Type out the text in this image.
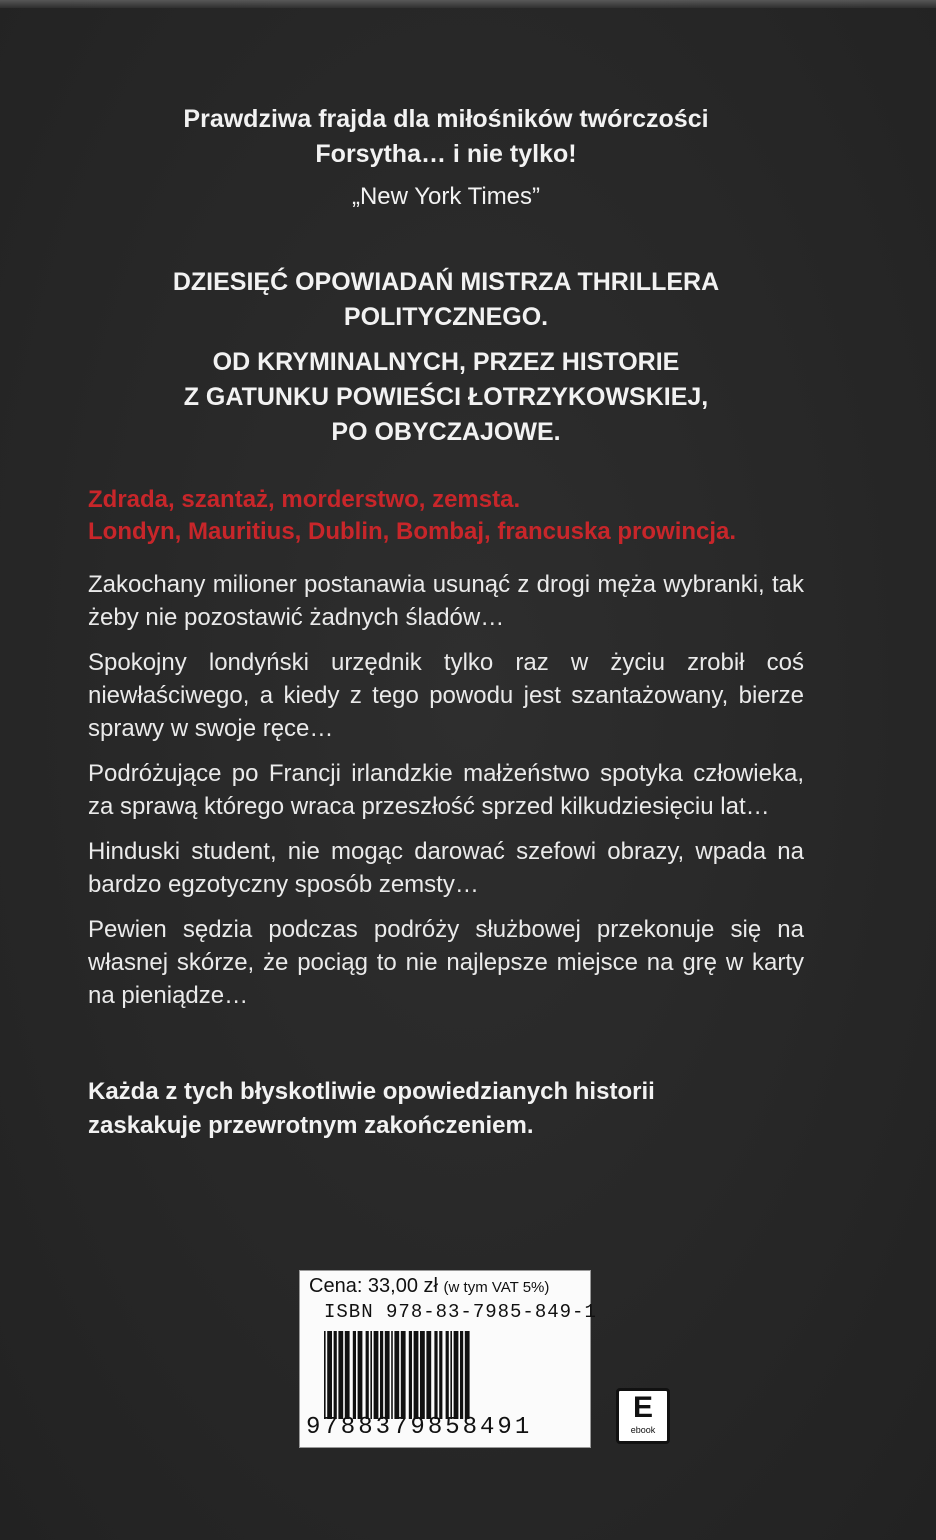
Prawdziwa frajda dla miłośników twórczości

Forsytha… i nie tylko!

„New York Times”

DZIESIĘĆ OPOWIADAŃ MISTRZA THRILLERA
POLITYCZNEGO.

OD KRYMINALNYCH, PRZEZ HISTORIE
Z GATUNKU POWIEŚCI ŁOTRZYKOWSKIEJ,
PO OBYCZAJOWE.

Zdrada, szantaż, morderstwo, zemsta.

Londyn, Mauritius, Dublin, Bombaj, francuska prowincja.

Zakochany milioner postanawia usunąć z drogi męża wybranki, tak żeby nie pozostawić żadnych śladów…

Spokojny londyński urzędnik tylko raz w życiu zrobił coś niewłaściwego, a kiedy z tego powodu jest szantażowany, bierze sprawy w swoje ręce…

Podróżujące po Francji irlandzkie małżeństwo spotyka człowieka, za sprawą którego wraca przeszłość sprzed kilkudziesięciu lat…

Hinduski student, nie mogąc darować szefowi obrazy, wpada na bardzo egzotyczny sposób zemsty…

Pewien sędzia podczas podróży służbowej przekonuje się na własnej skórze, że pociąg to nie najlepsze miejsce na grę w karty na pieniądze…

Każda z tych błyskotliwie opowiedzianych historii

zaskakuje przewrotnym zakończeniem.

Cena: 33,00 zł (w tym VAT 5%)
ISBN 978-83-7985-849-1
9788379858491
E
ebook
